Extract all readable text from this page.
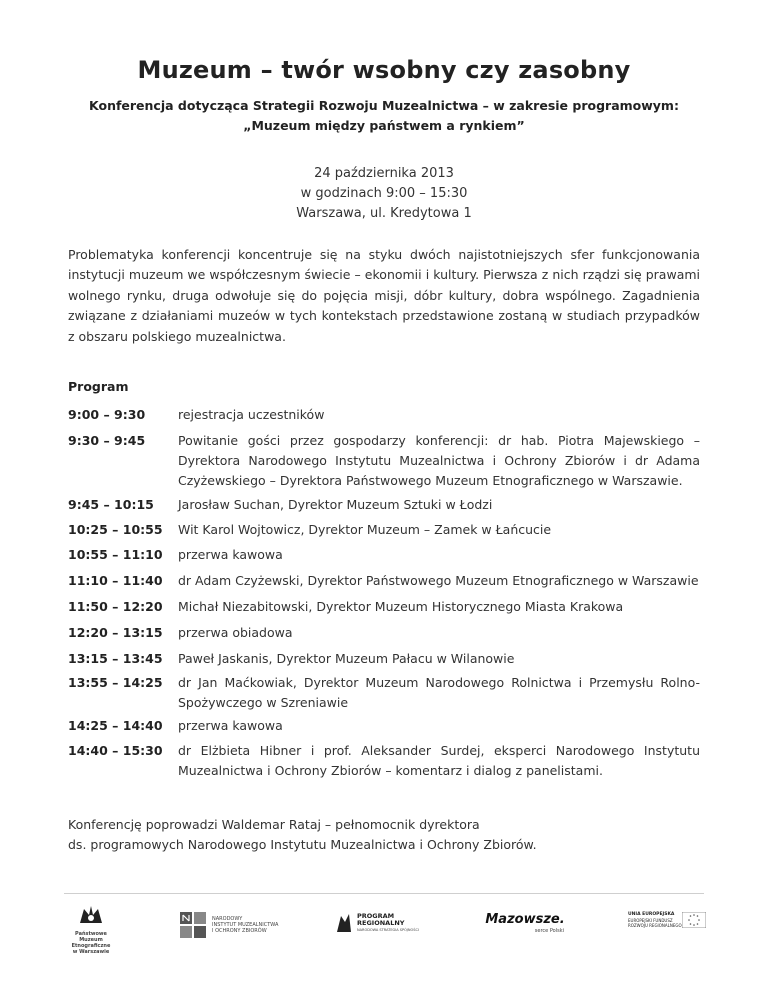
Muzeum – twór wsobny czy zasobny
Konferencja dotycząca Strategii Rozwoju Muzealnictwa – w zakresie programowym:
„Muzeum między państwem a rynkiem”
24 października 2013
w godzinach 9:00 – 15:30
Warszawa, ul. Kredytowa 1
Problematyka konferencji koncentruje się na styku dwóch najistotniejszych sfer funkcjonowania instytucji muzeum we współczesnym świecie – ekonomii i kultury. Pierwsza z nich rządzi się prawami wolnego rynku, druga odwołuje się do pojęcia misji, dóbr kultury, dobra wspólnego. Zagadnienia związane z działaniami muzeów w tych kontekstach przedstawione zostaną w studiach przypadków z obszaru polskiego muzealnictwa.
Program
9:00 – 9:30	rejestracja uczestników
9:30 – 9:45	Powitanie gości przez gospodarzy konferencji: dr hab. Piotra Majewskiego – Dyrektora Narodowego Instytutu Muzealnictwa i Ochrony Zbiorów i dr Adama Czyżewskiego – Dyrektora Państwowego Muzeum Etnograficznego w Warszawie.
9:45 – 10:15	Jarosław Suchan, Dyrektor Muzeum Sztuki w Łodzi
10:25 – 10:55	Wit Karol Wojtowicz, Dyrektor Muzeum – Zamek w Łańcucie
10:55 – 11:10	przerwa kawowa
11:10 – 11:40	dr Adam Czyżewski, Dyrektor Państwowego Muzeum Etnograficznego w Warszawie
11:50 – 12:20	Michał Niezabitowski, Dyrektor Muzeum Historycznego Miasta Krakowa
12:20 – 13:15	przerwa obiadowa
13:15 – 13:45	Paweł Jaskanis, Dyrektor Muzeum Pałacu w Wilanowie
13:55 – 14:25	dr Jan Maćkowiak, Dyrektor Muzeum Narodowego Rolnictwa i Przemysłu Rolno-Spożywczego w Szreniawie
14:25 – 14:40	przerwa kawowa
14:40 – 15:30	dr Elżbieta Hibner i prof. Aleksander Surdej, eksperci Narodowego Instytutu Muzealnictwa i Ochrony Zbiorów – komentarz i dialog z panelistami.
Konferencję poprowadzi Waldemar Rataj – pełnomocnik dyrektora
ds. programowych Narodowego Instytutu Muzealnictwa i Ochrony Zbiorów.
Państwowe
Muzeum Etnograficzne
w Warszawie
NARODOWY
INSTYTUT MUZEALNICTWA
I OCHRONY ZBIORÓW
PROGRAM
REGIONALNY
NARODOWA STRATEGIA SPÓJNOŚCI
Mazowsze.
serce Polski
UNIA EUROPEJSKA
EUROPEJSKI FUNDUSZ
ROZWOJU REGIONALNEGO
